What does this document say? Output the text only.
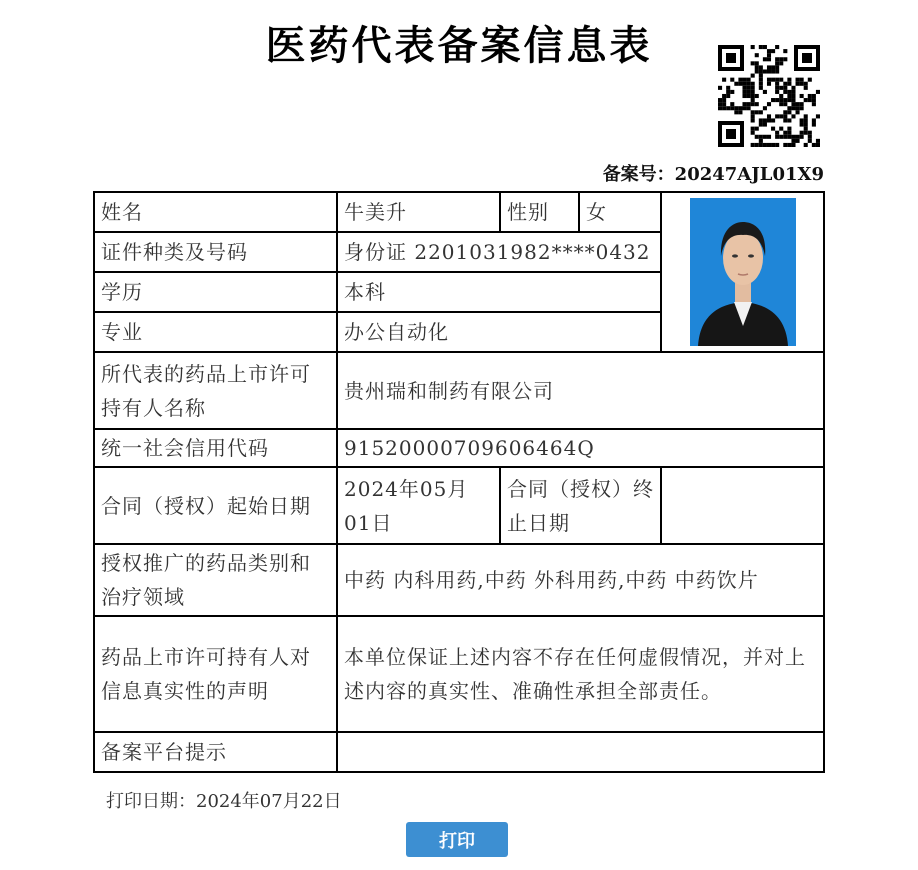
医药代表备案信息表
备案号：20247AJL01X9
姓名	牛美升	性别	女	

证件种类及号码	身份证 2201031982****0432			
学历	本科			
专业	办公自动化			
所代表的药品上市许可持有人名称	贵州瑞和制药有限公司			
统一社会信用代码	91520000709606464Q			
合同（授权）起始日期	2024年05月01日	合同（授权）终止日期		
授权推广的药品类别和治疗领域	中药 内科用药,中药 外科用药,中药 中药饮片			
药品上市许可持有人对信息真实性的声明	本单位保证上述内容不存在任何虚假情况，并对上述内容的真实性、准确性承担全部责任。			
备案平台提示				
打印日期：2024年07月22日
打印
